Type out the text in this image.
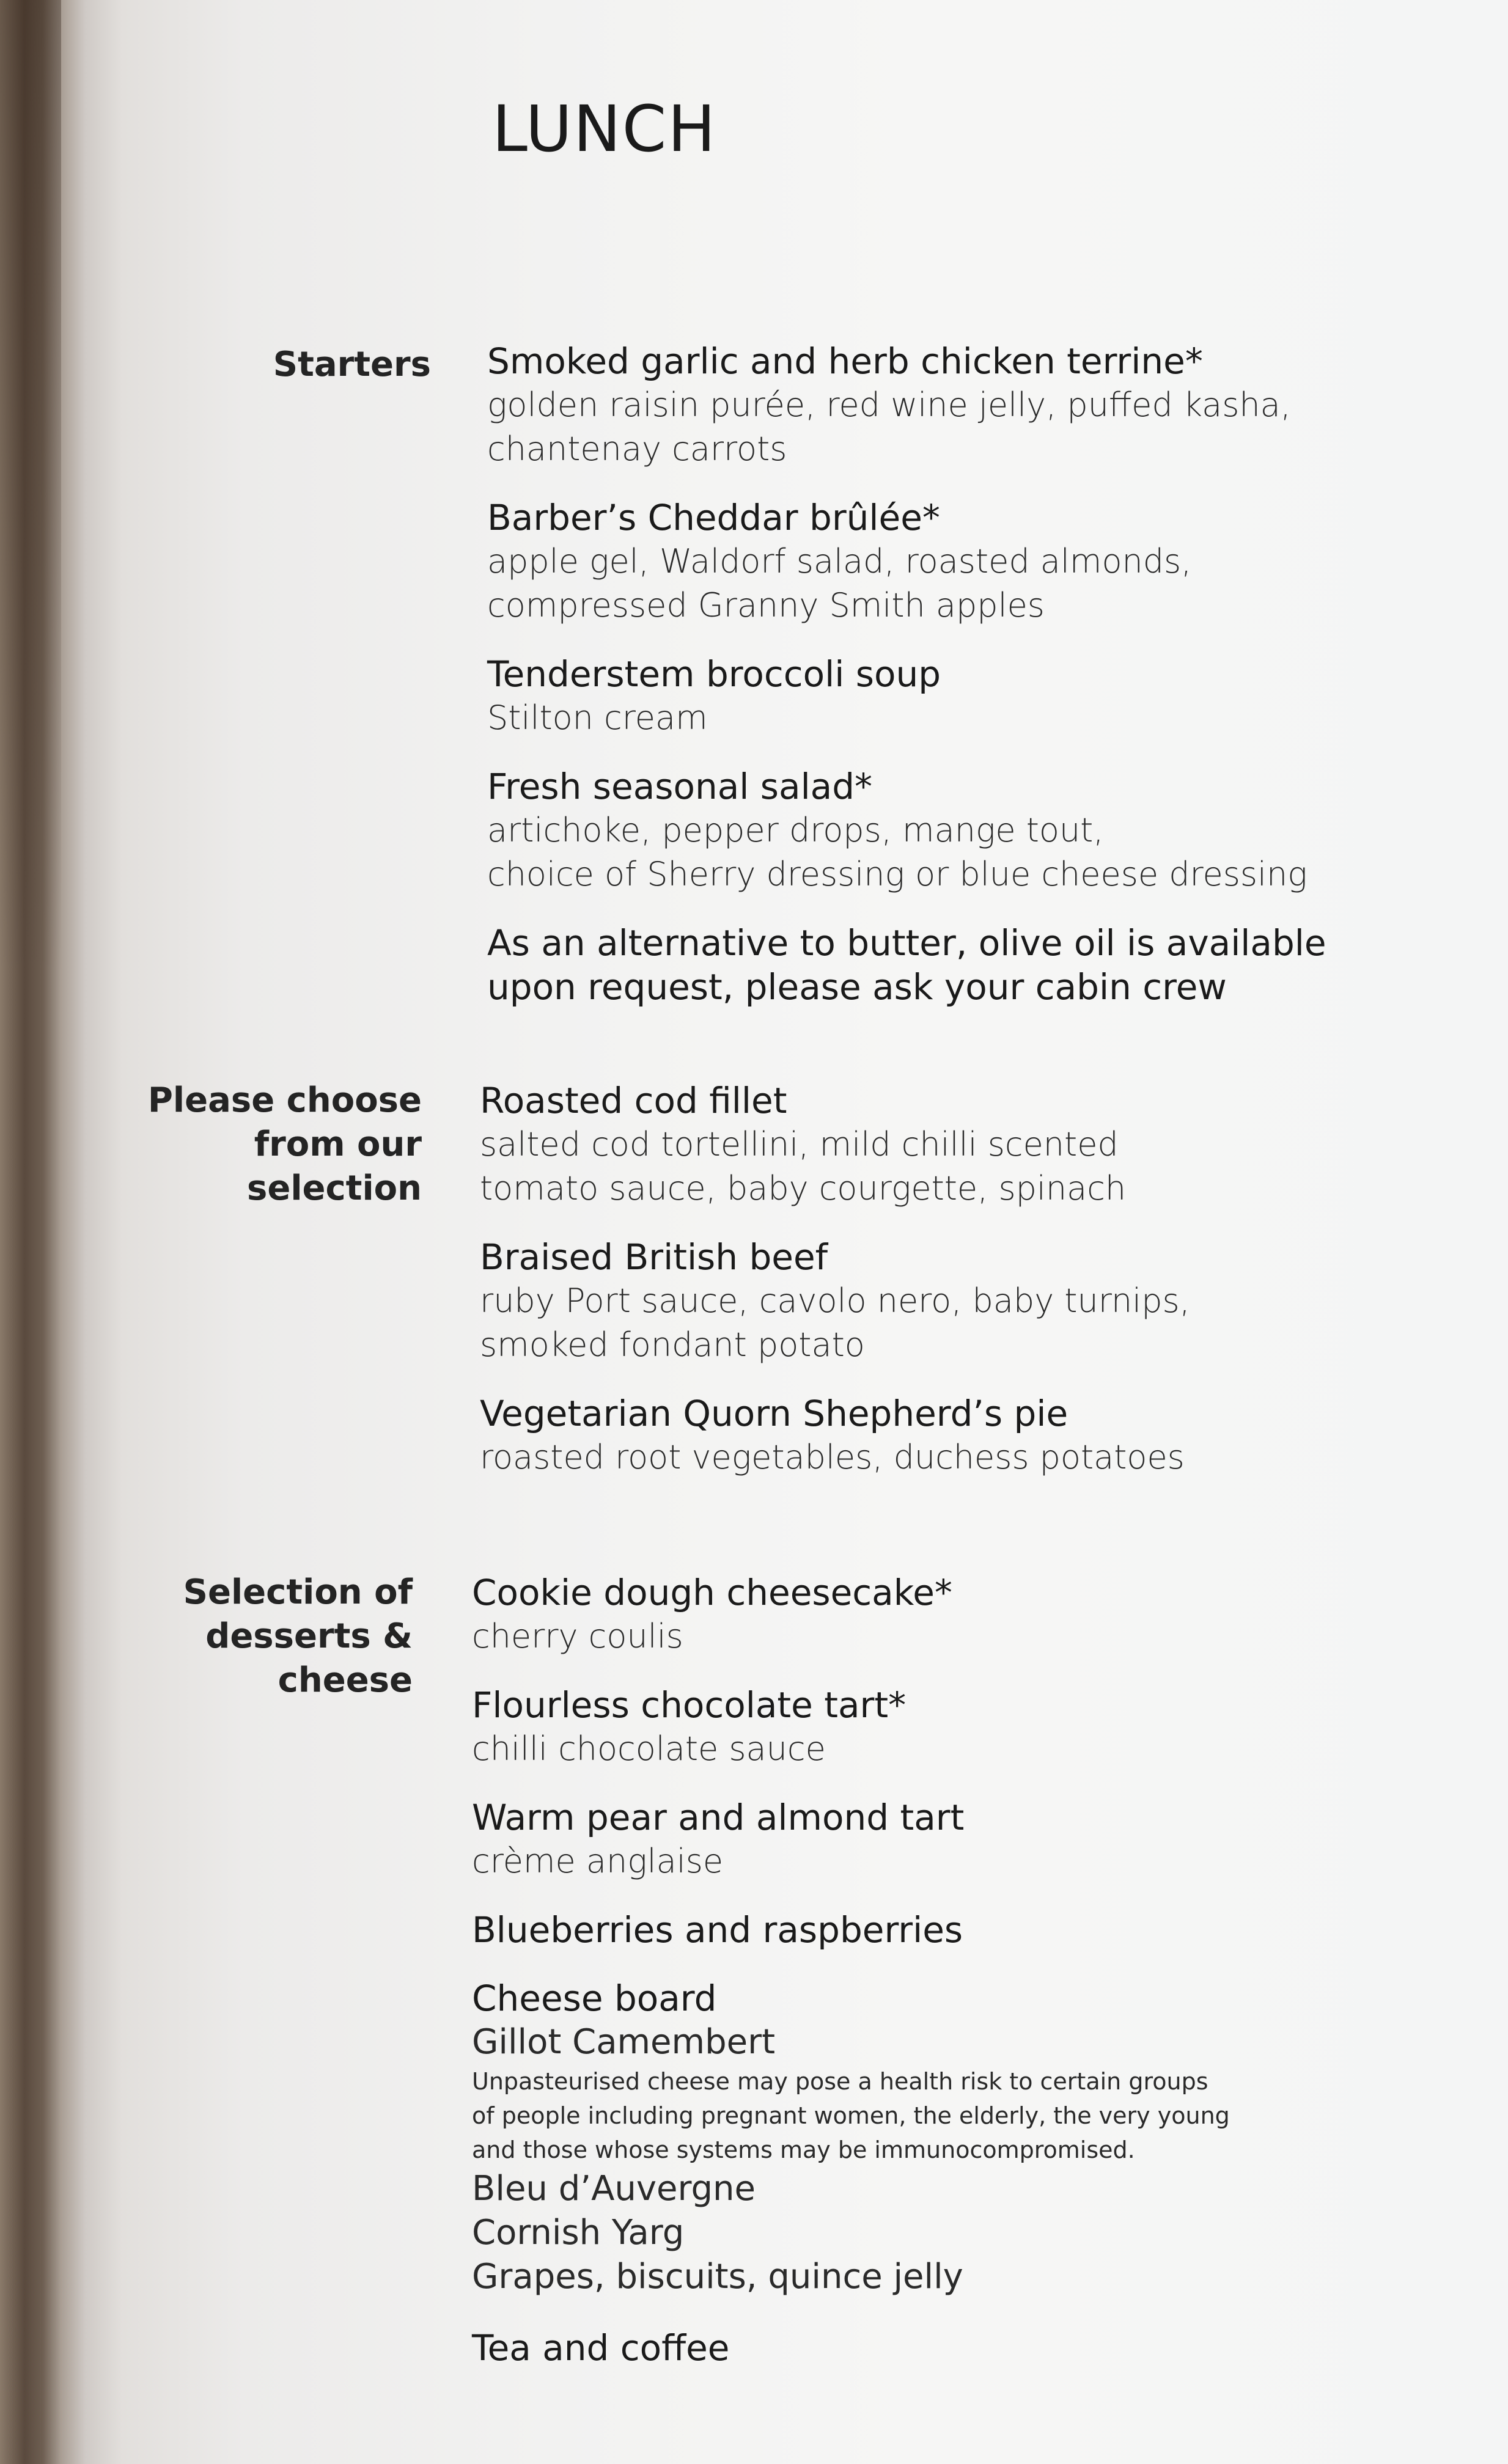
LUNCH
Starters Smoked garlic and herb chicken terrine*
golden raisin purée, red wine jelly, puffed kasha,
chantenay carrots
Barber’s Cheddar brûlée*
apple gel, Waldorf salad, roasted almonds,
compressed Granny Smith apples
Tenderstem broccoli soup
Stilton cream
Fresh seasonal salad*
artichoke, pepper drops, mange tout,
choice of Sherry dressing or blue cheese dressing
As an alternative to butter, olive oil is available
upon request, please ask your cabin crew
Please choose
from our selection
Roasted cod fillet
salted cod tortellini, mild chilli scented
tomato sauce, baby courgette, spinach
Braised British beef
ruby Port sauce, cavolo nero, baby turnips,
smoked fondant potato
Vegetarian Quorn Shepherd’s pie
roasted root vegetables, duchess potatoes
Selection of
desserts & cheese
Cookie dough cheesecake*
cherry coulis
Flourless chocolate tart*
chilli chocolate sauce
Warm pear and almond tart
crème anglaise
Blueberries and raspberries
Cheese board
Gillot Camembert
Unpasteurised cheese may pose a health risk to certain groups
of people including pregnant women, the elderly, the very young
and those whose systems may be immunocompromised.
Bleu d’Auvergne
Cornish Yarg
Grapes, biscuits, quince jelly
Tea and coffee
